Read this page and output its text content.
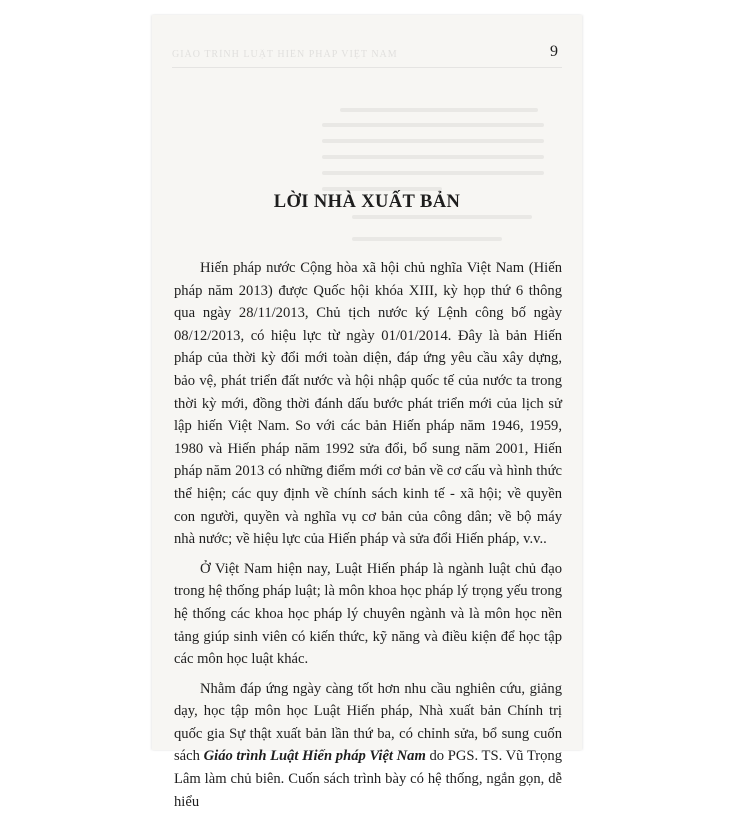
GIÁO TRÌNH LUẬT HIẾN PHÁP VIỆT NAM	9
LỜI NHÀ XUẤT BẢN

Hiến pháp nước Cộng hòa xã hội chủ nghĩa Việt Nam (Hiến pháp năm 2013) được Quốc hội khóa XIII, kỳ họp thứ 6 thông qua ngày 28/11/2013, Chủ tịch nước ký Lệnh công bố ngày 08/12/2013, có hiệu lực từ ngày 01/01/2014. Đây là bản Hiến pháp của thời kỳ đổi mới toàn diện, đáp ứng yêu cầu xây dựng, bảo vệ, phát triển đất nước và hội nhập quốc tế của nước ta trong thời kỳ mới, đồng thời đánh dấu bước phát triển mới của lịch sử lập hiến Việt Nam. So với các bản Hiến pháp năm 1946, 1959, 1980 và Hiến pháp năm 1992 sửa đổi, bổ sung năm 2001, Hiến pháp năm 2013 có những điểm mới cơ bản về cơ cấu và hình thức thể hiện; các quy định về chính sách kinh tế - xã hội; về quyền con người, quyền và nghĩa vụ cơ bản của công dân; về bộ máy nhà nước; về hiệu lực của Hiến pháp và sửa đổi Hiến pháp, v.v..

Ở Việt Nam hiện nay, Luật Hiến pháp là ngành luật chủ đạo trong hệ thống pháp luật; là môn khoa học pháp lý trọng yếu trong hệ thống các khoa học pháp lý chuyên ngành và là môn học nền tảng giúp sinh viên có kiến thức, kỹ năng và điều kiện để học tập các môn học luật khác.

Nhằm đáp ứng ngày càng tốt hơn nhu cầu nghiên cứu, giảng dạy, học tập môn học Luật Hiến pháp, Nhà xuất bản Chính trị quốc gia Sự thật xuất bản lần thứ ba, có chỉnh sửa, bổ sung cuốn sách Giáo trình Luật Hiến pháp Việt Nam do PGS. TS. Vũ Trọng Lâm làm chủ biên. Cuốn sách trình bày có hệ thống, ngắn gọn, dễ hiểu
